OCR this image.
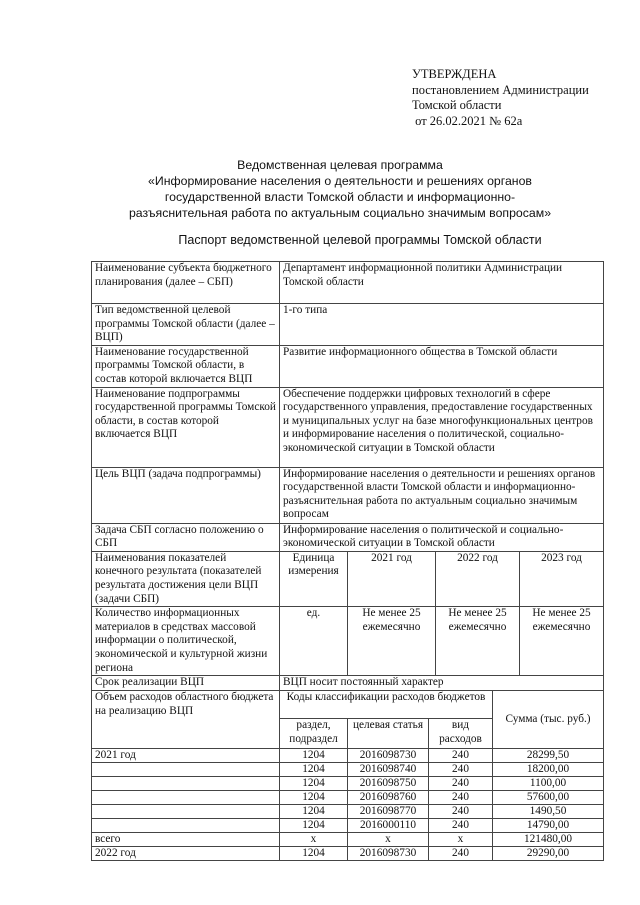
УТВЕРЖДЕНА
постановлением Администрации
Томской области
от 26.02.2021 № 62а
Ведомственная целевая программа
«Информирование населения о деятельности и решениях органов
государственной власти Томской области и информационно-
разъяснительная работа по актуальным социально значимым вопросам»
Паспорт ведомственной целевой программы Томской области
Наименование субъекта бюджетного планирования (далее – СБП)	Департамент информационной политики Администрации Томской области					
Тип ведомственной целевой программы Томской области (далее – ВЦП)	1-го типа					
Наименование государственной программы Томской области, в состав которой включается ВЦП	Развитие информационного общества в Томской области					
Наименование подпрограммы государственной программы Томской области, в состав которой включается ВЦП	Обеспечение поддержки цифровых технологий в сфере государственного управления, предоставление государственных и муниципальных услуг на базе многофункциональных центров и информирование населения о политической, социально-экономической ситуации в Томской области					
Цель ВЦП (задача подпрограммы)	Информирование населения о деятельности и решениях органов государственной власти Томской области и информационно-разъяснительная работа по актуальным социально значимым вопросам					
Задача СБП согласно положению о СБП	Информирование населения о политической и социально-экономической ситуации в Томской области					
Наименования показателей конечного результата (показателей результата достижения цели ВЦП (задачи СБП)	Единица измерения	2021 год		2022 год		2023 год
Количество информационных материалов в средствах массовой информации о политической, экономической и культурной жизни региона	ед.	Не менее 25 ежемесячно		Не менее 25 ежемесячно		Не менее 25 ежемесячно
Срок реализации ВЦП	ВЦП носит постоянный характер					
Объем расходов областного бюджета на реализацию ВЦП	Коды классификации расходов бюджетов				Сумма (тыс. руб.)	
	раздел, подраздел	целевая статья	вид расходов			
2021 год	1204	2016098730	240		28299,50	
	1204	2016098740	240		18200,00	
	1204	2016098750	240		1100,00	
	1204	2016098760	240		57600,00	
	1204	2016098770	240		1490,50	
	1204	2016000110	240		14790,00	
всего	х	х	х		121480,00	
2022 год	1204	2016098730	240		29290,00	
